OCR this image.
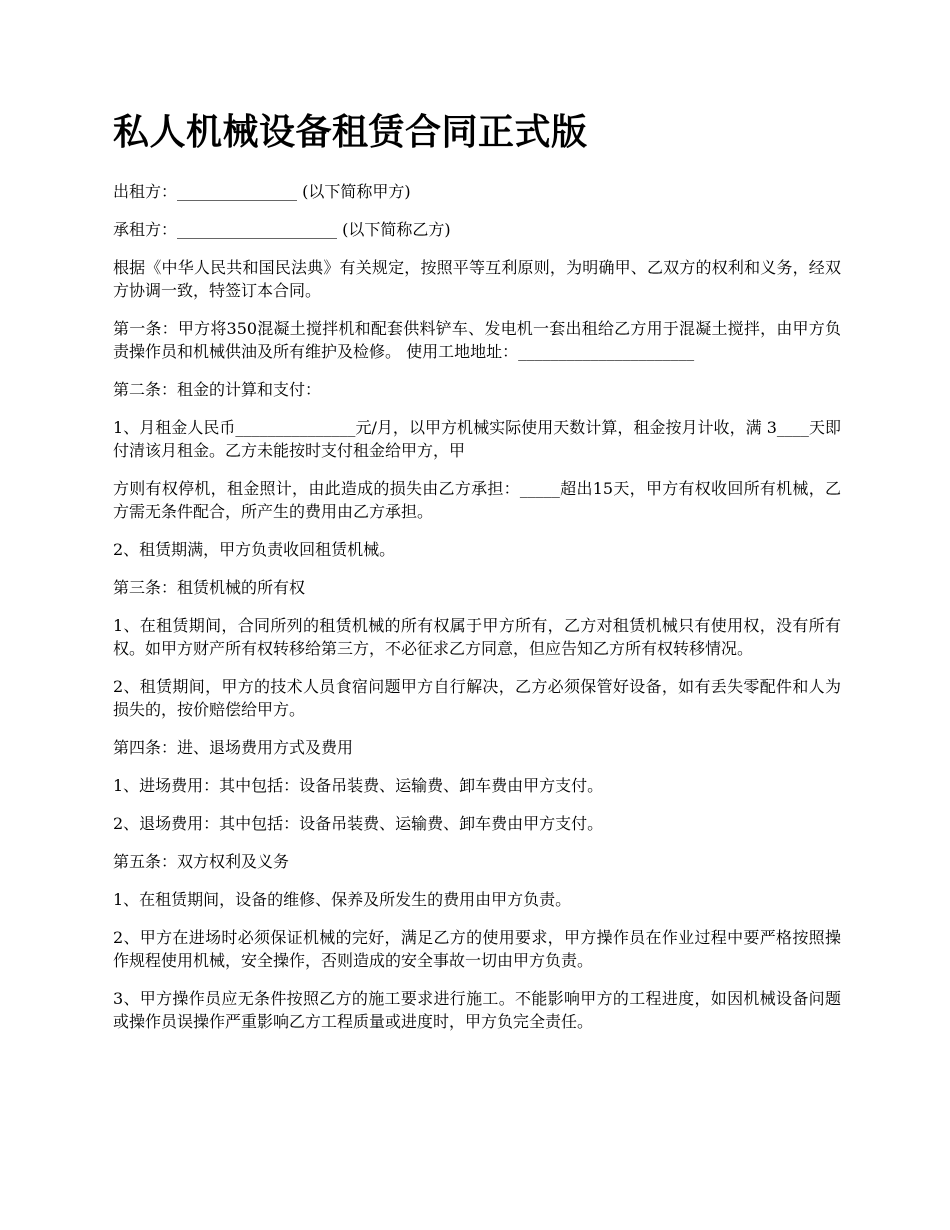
私人机械设备租赁合同正式版

出租方：_______________ (以下简称甲方)

承租方：____________________ (以下简称乙方)

根据《中华人民共和国民法典》有关规定，按照平等互利原则，为明确甲、乙双方的权利和义务，经双方协调一致，特签订本合同。

第一条：甲方将350混凝土搅拌机和配套供料铲车、发电机一套出租给乙方用于混凝土搅拌，由甲方负责操作员和机械供油及所有维护及检修。 使用工地地址：______________________

第二条：租金的计算和支付：

1、月租金人民币_______________元/月，以甲方机械实际使用天数计算，租金按月计收，满 3____天即付清该月租金。乙方未能按时支付租金给甲方，甲

方则有权停机，租金照计，由此造成的损失由乙方承担：_____超出15天，甲方有权收回所有机械，乙方需无条件配合，所产生的费用由乙方承担。

2、租赁期满，甲方负责收回租赁机械。

第三条：租赁机械的所有权

1、在租赁期间，合同所列的租赁机械的所有权属于甲方所有，乙方对租赁机械只有使用权，没有所有权。如甲方财产所有权转移给第三方，不必征求乙方同意，但应告知乙方所有权转移情况。

2、租赁期间，甲方的技术人员食宿问题甲方自行解决，乙方必须保管好设备，如有丢失零配件和人为损失的，按价赔偿给甲方。

第四条：进、退场费用方式及费用

1、进场费用：其中包括：设备吊装费、运输费、卸车费由甲方支付。

2、退场费用：其中包括：设备吊装费、运输费、卸车费由甲方支付。

第五条：双方权利及义务

1、在租赁期间，设备的维修、保养及所发生的费用由甲方负责。

2、甲方在进场时必须保证机械的完好，满足乙方的使用要求，甲方操作员在作业过程中要严格按照操作规程使用机械，安全操作，否则造成的安全事故一切由甲方负责。

3、甲方操作员应无条件按照乙方的施工要求进行施工。不能影响甲方的工程进度，如因机械设备问题或操作员误操作严重影响乙方工程质量或进度时，甲方负完全责任。
